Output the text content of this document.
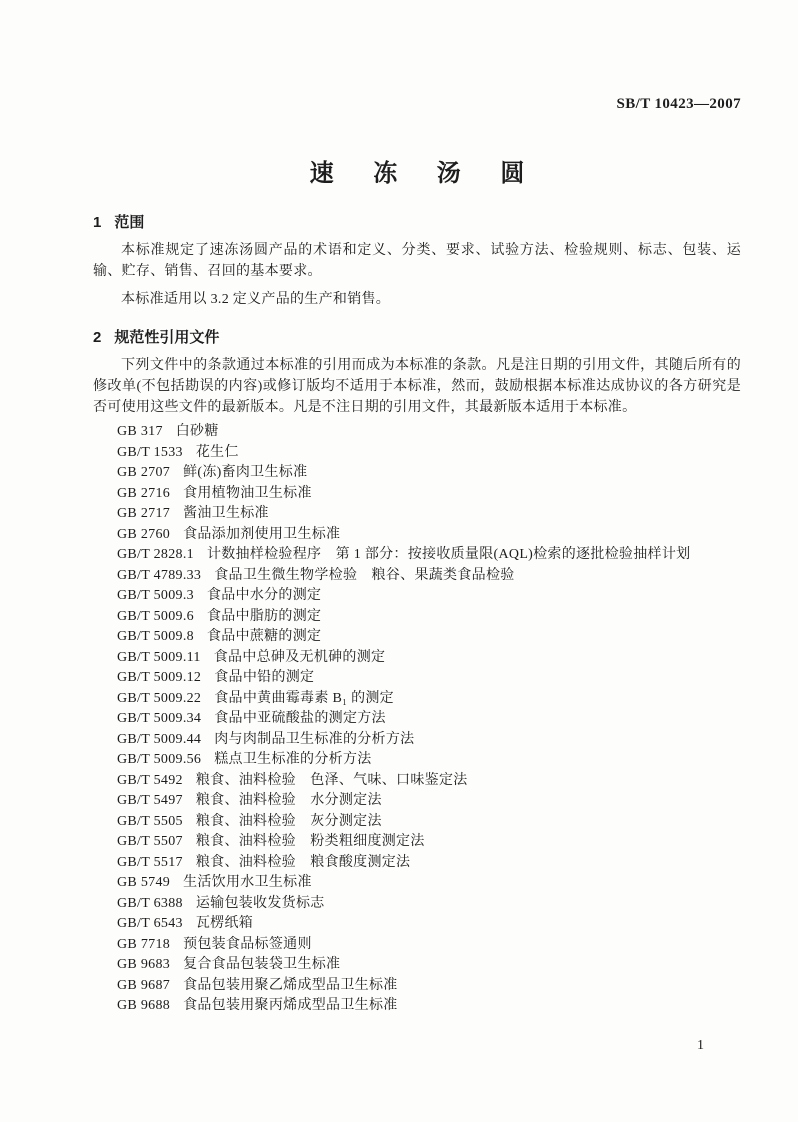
SB/T 10423—2007
速冻汤圆
1 范围

本标准规定了速冻汤圆产品的术语和定义、分类、要求、试验方法、检验规则、标志、包装、运输、贮存、销售、召回的基本要求。

本标准适用以 3.2 定义产品的生产和销售。

2 规范性引用文件

下列文件中的条款通过本标准的引用而成为本标准的条款。凡是注日期的引用文件，其随后所有的修改单(不包括勘误的内容)或修订版均不适用于本标准，然而，鼓励根据本标准达成协议的各方研究是否可使用这些文件的最新版本。凡是不注日期的引用文件，其最新版本适用于本标准。

GB 317 白砂糖
GB/T 1533 花生仁
GB 2707 鲜(冻)畜肉卫生标准
GB 2716 食用植物油卫生标准
GB 2717 酱油卫生标准
GB 2760 食品添加剂使用卫生标准
GB/T 2828.1 计数抽样检验程序　第 1 部分：按接收质量限(AQL)检索的逐批检验抽样计划
GB/T 4789.33 食品卫生微生物学检验　粮谷、果蔬类食品检验
GB/T 5009.3 食品中水分的测定
GB/T 5009.6 食品中脂肪的测定
GB/T 5009.8 食品中蔗糖的测定
GB/T 5009.11 食品中总砷及无机砷的测定
GB/T 5009.12 食品中铅的测定
GB/T 5009.22 食品中黄曲霉毒素 B₁ 的测定
GB/T 5009.34 食品中亚硫酸盐的测定方法
GB/T 5009.44 肉与肉制品卫生标准的分析方法
GB/T 5009.56 糕点卫生标准的分析方法
GB/T 5492 粮食、油料检验　色泽、气味、口味鉴定法
GB/T 5497 粮食、油料检验　水分测定法
GB/T 5505 粮食、油料检验　灰分测定法
GB/T 5507 粮食、油料检验　粉类粗细度测定法
GB/T 5517 粮食、油料检验　粮食酸度测定法
GB 5749 生活饮用水卫生标准
GB/T 6388 运输包装收发货标志
GB/T 6543 瓦楞纸箱
GB 7718 预包装食品标签通则
GB 9683 复合食品包装袋卫生标准
GB 9687 食品包装用聚乙烯成型品卫生标准
GB 9688 食品包装用聚丙烯成型品卫生标准
1
